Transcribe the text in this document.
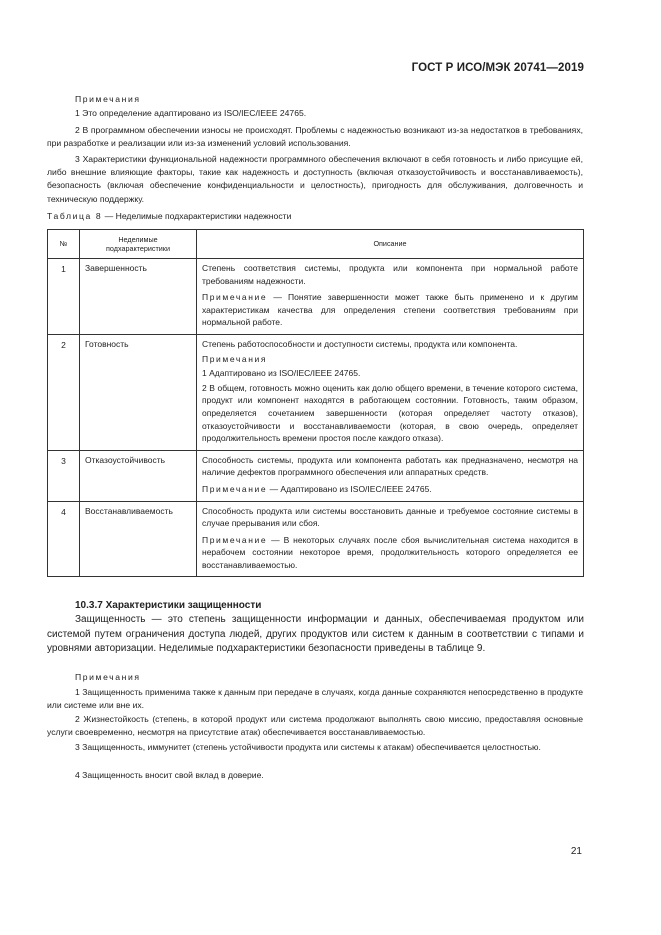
ГОСТ Р ИСО/МЭК 20741—2019
Примечания
1 Это определение адаптировано из ISO/IEC/IEEE 24765.
2 В программном обеспечении износы не происходят. Проблемы с надежностью возникают из-за недостатков в требованиях, при разработке и реализации или из-за изменений условий использования.
3 Характеристики функциональной надежности программного обеспечения включают в себя готовность и либо присущие ей, либо внешние влияющие факторы, такие как надежность и доступность (включая отказоустойчивость и восстанавливаемость), безопасность (включая обеспечение конфиденциальности и целостность), пригодность для обслуживания, долговечность и техническую поддержку.
Таблица 8 — Неделимые подхарактеристики надежности
№	Неделимые подхарактеристики	Описание
1	Завершенность	Степень соответствия системы, продукта или компонента при нормальной работе требованиям надежности.
Примечание — Понятие завершенности может также быть применено и к другим характеристикам качества для определения степени соответствия требованиям при нормальной работе.

2	Готовность	Степень работоспособности и доступности системы, продукта или компонента.
Примечания
1 Адаптировано из ISO/IEC/IEEE 24765.
2 В общем, готовность можно оценить как долю общего времени, в течение которого система, продукт или компонент находятся в работающем состоянии. Готовность, таким образом, определяется сочетанием завершенности (которая определяет частоту отказов), отказоустойчивости и восстанавливаемости (которая, в свою очередь, определяет продолжительность времени простоя после каждого отказа).

3	Отказоустойчивость	Способность системы, продукта или компонента работать как предназначено, несмотря на наличие дефектов программного обеспечения или аппаратных средств.
Примечание — Адаптировано из ISO/IEC/IEEE 24765.

4	Восстанавливаемость	Способность продукта или системы восстановить данные и требуемое состояние системы в случае прерывания или сбоя.
Примечание — В некоторых случаях после сбоя вычислительная система находится в нерабочем состоянии некоторое время, продолжительность которого определяется ее восстанавливаемостью.
10.3.7 Характеристики защищенности
Защищенность — это степень защищенности информации и данных, обеспечиваемая продуктом или системой путем ограничения доступа людей, других продуктов или систем к данным в соответствии с типами и уровнями авторизации. Неделимые подхарактеристики безопасности приведены в таблице 9.
Примечания
1 Защищенность применима также к данным при передаче в случаях, когда данные сохраняются непосредственно в продукте или системе или вне их.
2 Жизнестойкость (степень, в которой продукт или система продолжают выполнять свою миссию, предоставляя основные услуги своевременно, несмотря на присутствие атак) обеспечивается восстанавливаемостью.
3 Защищенность, иммунитет (степень устойчивости продукта или системы к атакам) обеспечивается целостностью.
4 Защищенность вносит свой вклад в доверие.
21
